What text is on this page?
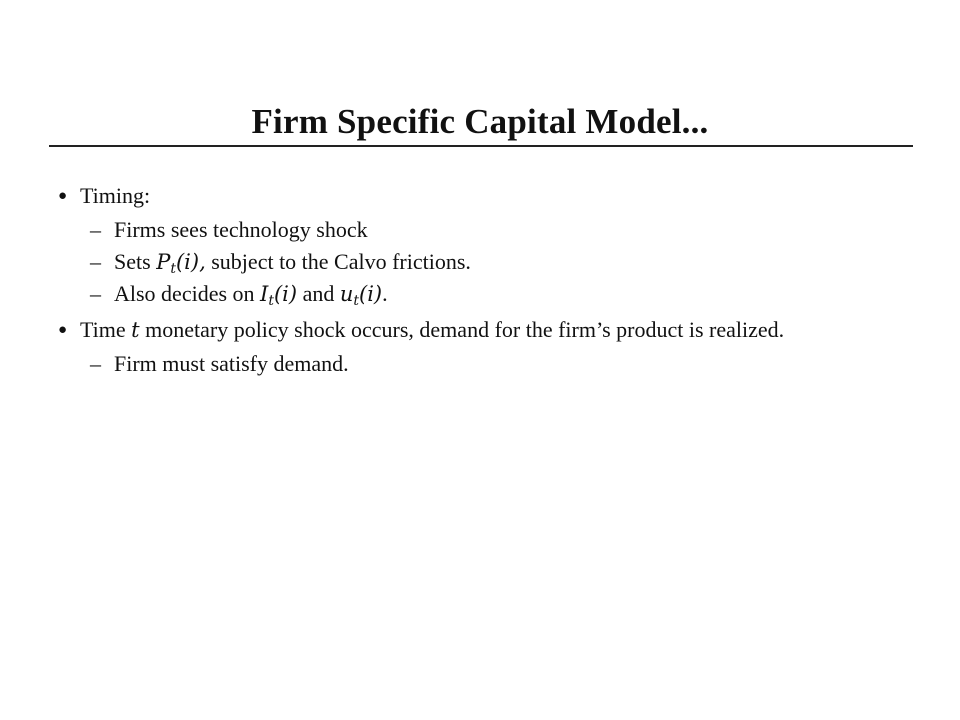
Firm Specific Capital Model...
● Timing:
– Firms sees technology shock
– Sets $P_t(i)$, subject to the Calvo frictions.
– Also decides on $I_t(i)$ and $u_t(i)$.
● Time t monetary policy shock occurs, demand for the firm’s product is realized.
– Firm must satisfy demand.
